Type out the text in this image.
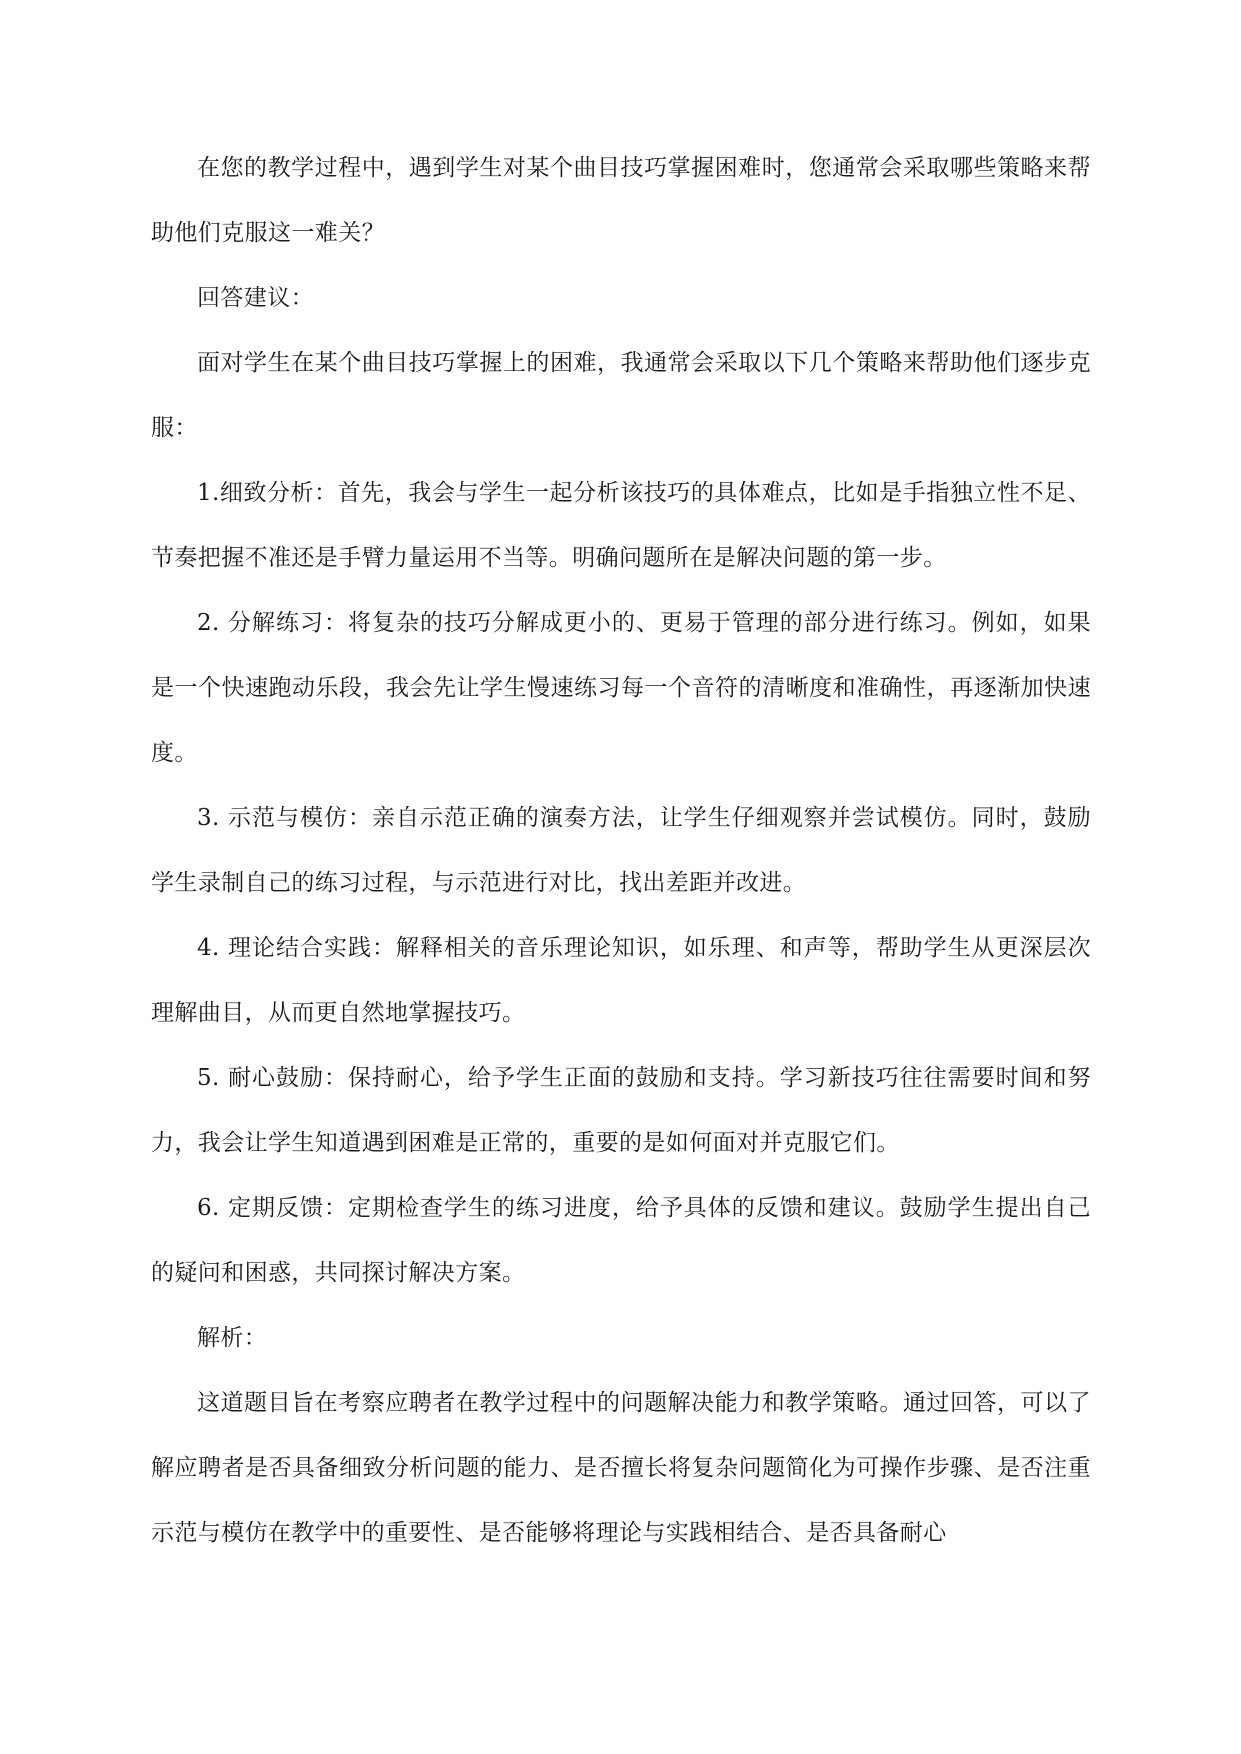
在您的教学过程中，遇到学生对某个曲目技巧掌握困难时，您通常会采取哪些策略来帮助他们克服这一难关？

回答建议：

面对学生在某个曲目技巧掌握上的困难，我通常会采取以下几个策略来帮助他们逐步克服：

1.细致分析：首先，我会与学生一起分析该技巧的具体难点，比如是手指独立性不足、节奏把握不准还是手臂力量运用不当等。明确问题所在是解决问题的第一步。

2. 分解练习：将复杂的技巧分解成更小的、更易于管理的部分进行练习。例如，如果是一个快速跑动乐段，我会先让学生慢速练习每一个音符的清晰度和准确性，再逐渐加快速度。

3. 示范与模仿：亲自示范正确的演奏方法，让学生仔细观察并尝试模仿。同时，鼓励学生录制自己的练习过程，与示范进行对比，找出差距并改进。

4. 理论结合实践：解释相关的音乐理论知识，如乐理、和声等，帮助学生从更深层次理解曲目，从而更自然地掌握技巧。

5. 耐心鼓励：保持耐心，给予学生正面的鼓励和支持。学习新技巧往往需要时间和努力，我会让学生知道遇到困难是正常的，重要的是如何面对并克服它们。

6. 定期反馈：定期检查学生的练习进度，给予具体的反馈和建议。鼓励学生提出自己的疑问和困惑，共同探讨解决方案。

解析：

这道题目旨在考察应聘者在教学过程中的问题解决能力和教学策略。通过回答，可以了解应聘者是否具备细致分析问题的能力、是否擅长将复杂问题简化为可操作步骤、是否注重示范与模仿在教学中的重要性、是否能够将理论与实践相结合、是否具备耐心
